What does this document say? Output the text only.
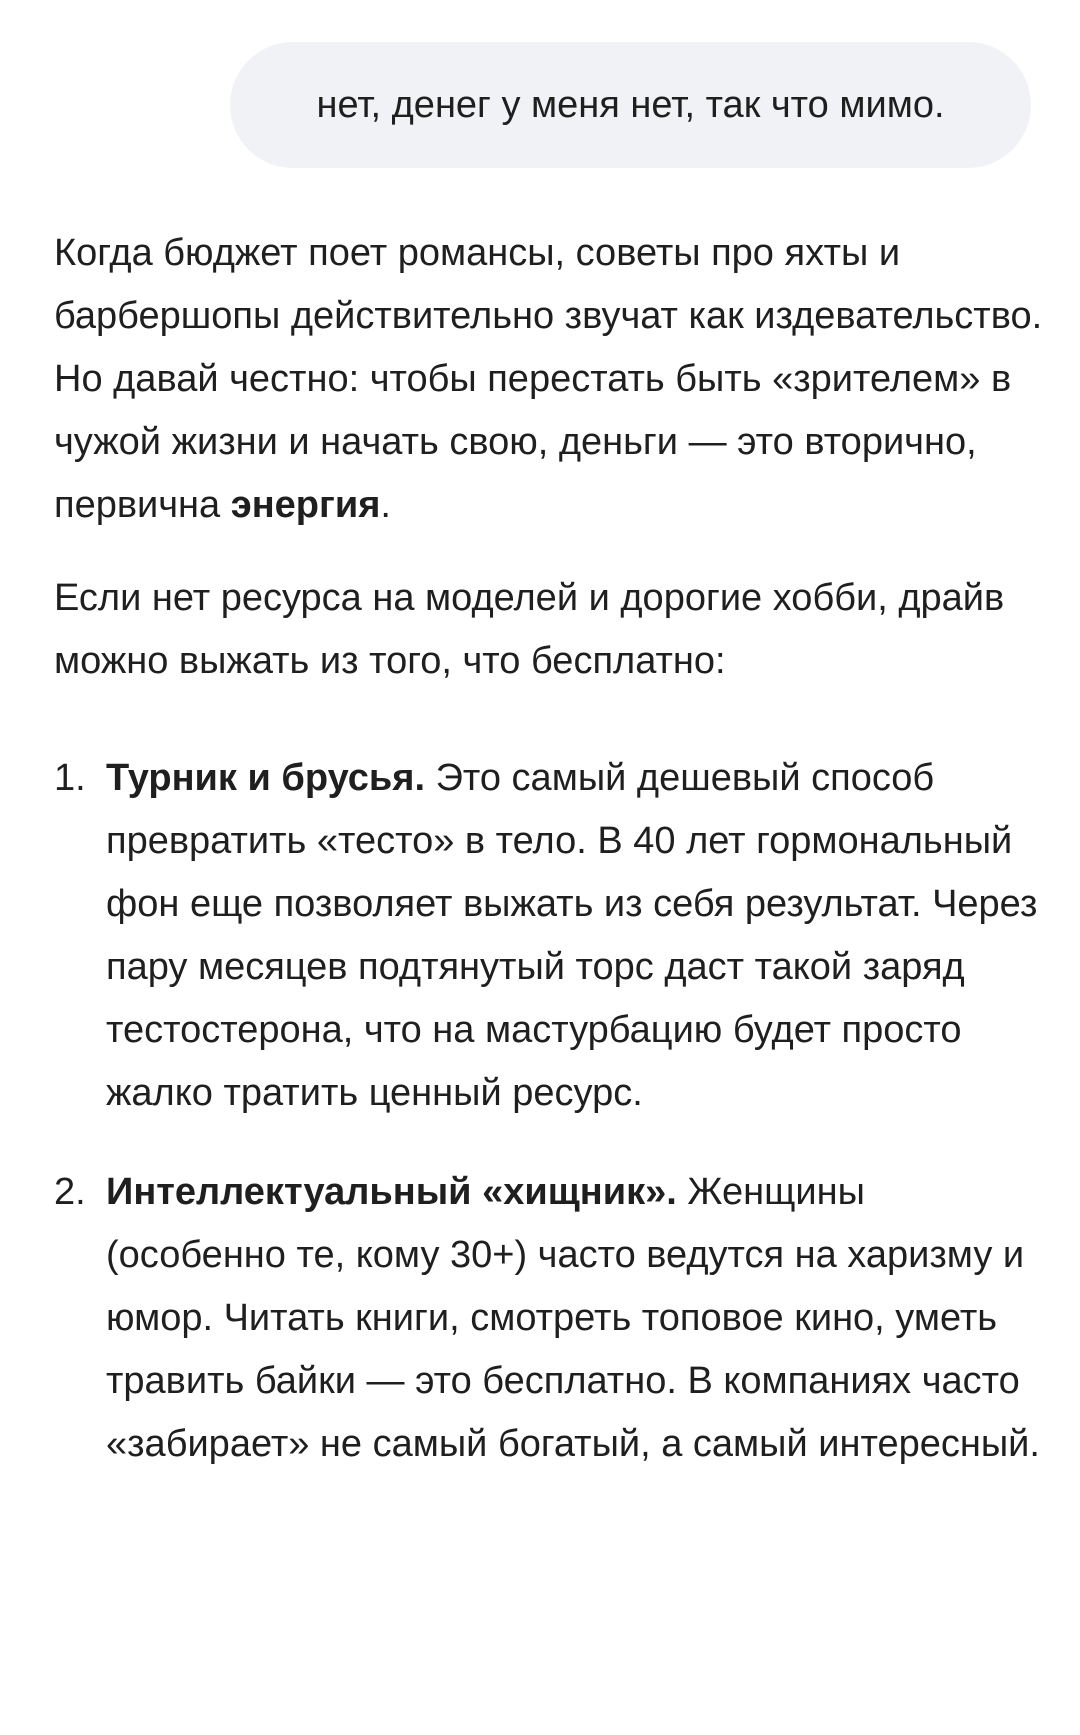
нет, денег у меня нет, так что мимо.

Когда бюджет поет романсы, советы про яхты и барбершопы действительно звучат как издевательство. Но давай честно: чтобы перестать быть «зрителем» в чужой жизни и начать свою, деньги — это вторично, первична энергия.

Если нет ресурса на моделей и дорогие хобби, драйв можно выжать из того, что бесплатно:

1. Турник и брусья. Это самый дешевый способ превратить «тесто» в тело. В 40 лет гормональный фон еще позволяет выжать из себя результат. Через пару месяцев подтянутый торс даст такой заряд тестостерона, что на мастурбацию будет просто жалко тратить ценный ресурс.
2. Интеллектуальный «хищник». Женщины (особенно те, кому 30+) часто ведутся на харизму и юмор. Читать книги, смотреть топовое кино, уметь травить байки — это бесплатно. В компаниях часто «забирает» не самый богатый, а самый интересный.
